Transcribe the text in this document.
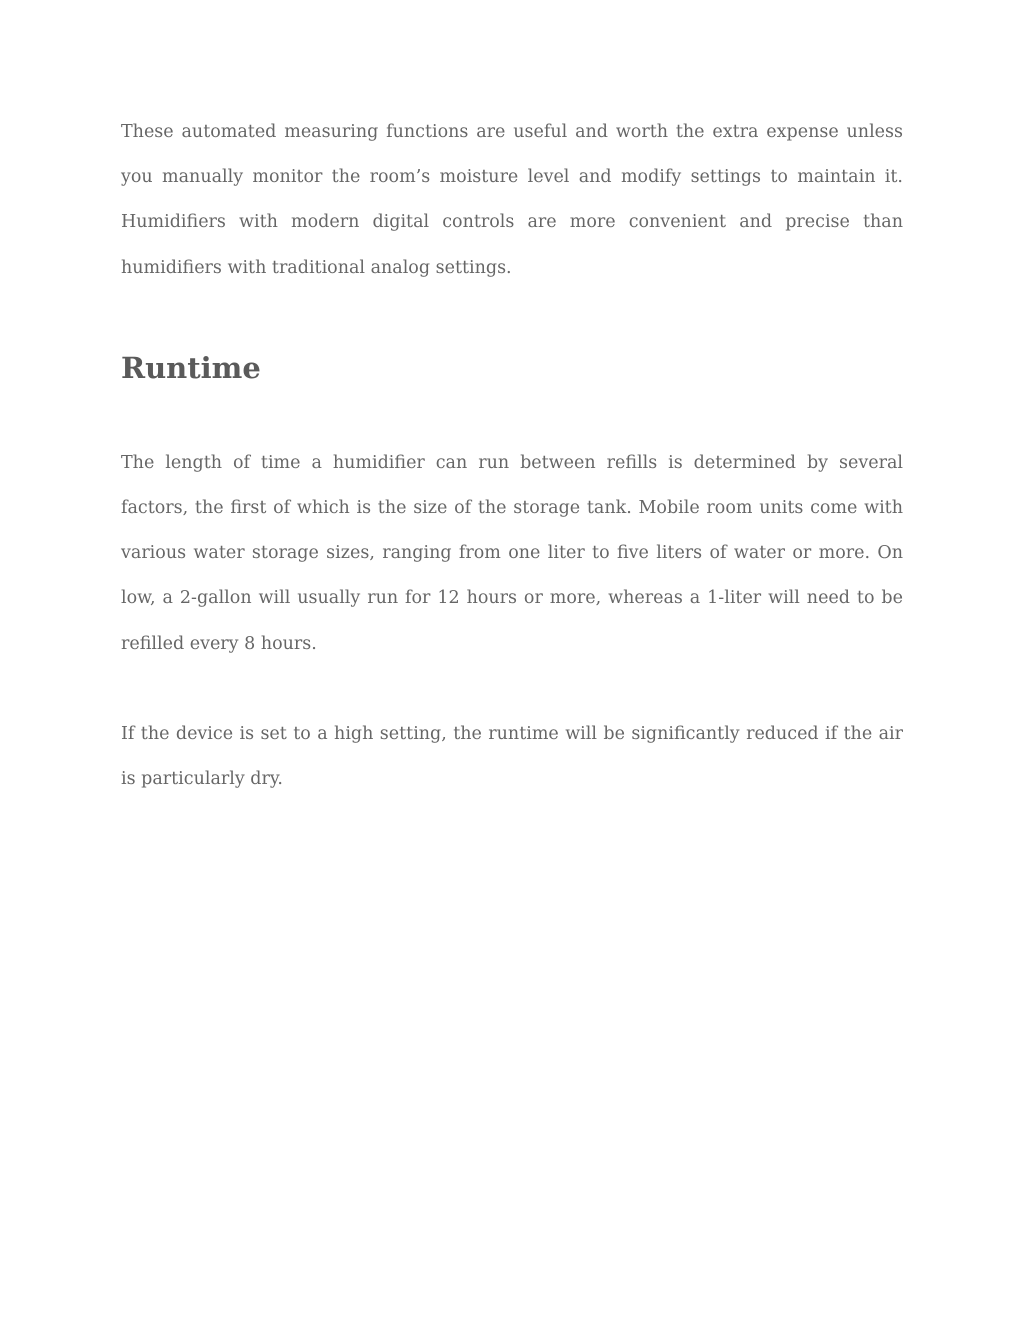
These automated measuring functions are useful and worth the extra expense unless you manually monitor the room’s moisture level and modify settings to maintain it. Humidifiers with modern digital controls are more convenient and precise than humidifiers with traditional analog settings.

Runtime

The length of time a humidifier can run between refills is determined by several factors, the first of which is the size of the storage tank. Mobile room units come with various water storage sizes, ranging from one liter to five liters of water or more. On low, a 2-gallon will usually run for 12 hours or more, whereas a 1-liter will need to be refilled every 8 hours.

If the device is set to a high setting, the runtime will be significantly reduced if the air is particularly dry.
